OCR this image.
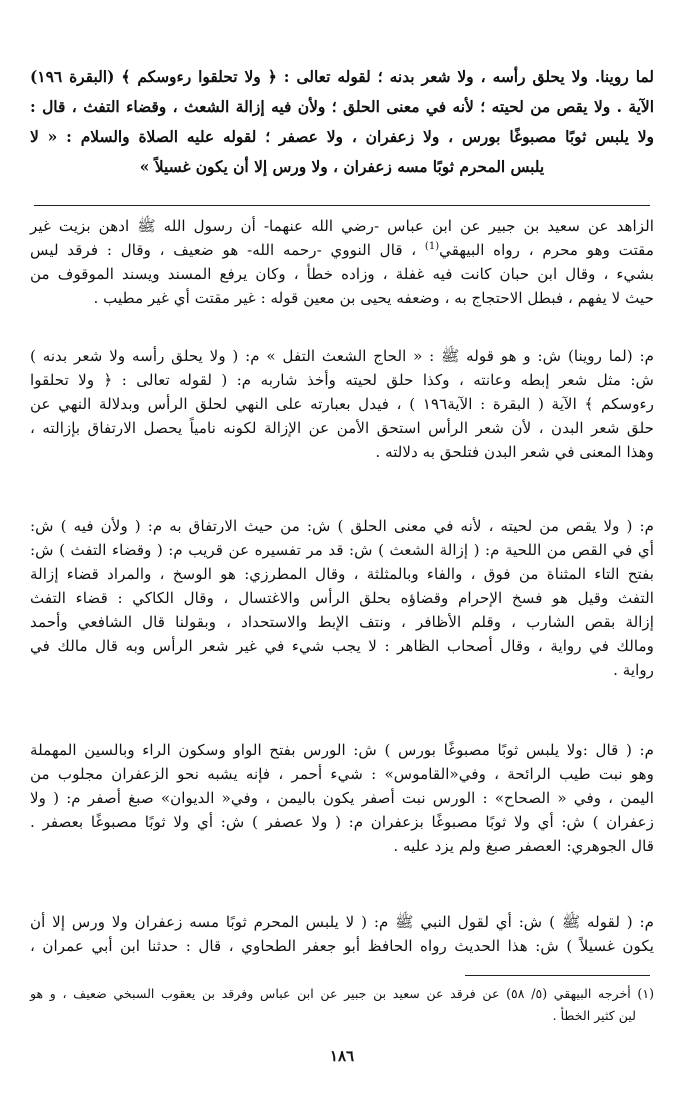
لما روينا. ولا يحلق رأسه ، ولا شعر بدنه ؛ لقوله تعالى : ﴿ ولا تحلقوا رءوسكم ﴾ (البقرة ١٩٦)
الآية . ولا يقص من لحيته ؛ لأنه في معنى الحلق ؛ ولأن فيه إزالة الشعث ، وقضاء التفث ، قال :
ولا يلبس ثوبًا مصبوغًا بورس ، ولا زعفران ، ولا عصفر ؛ لقوله عليه الصلاة والسلام : « لا
يلبس المحرم ثوبًا مسه زعفران ، ولا ورس إلا أن يكون غسيلاً »

الزاهد عن سعيد بن جبير عن ابن عباس -رضي الله عنهما- أن رسول الله ﷺ ادهن بزيت غير

مقتت وهو محرم ، رواه البيهقي$^{(1)}$ ، قال النووي -رحمه الله- هو ضعيف ، وقال : فرقد ليس

بشيء ، وقال ابن حبان كانت فيه غفلة ، وزاده خطأ ، وكان يرفع المسند ويسند الموقوف من

حيث لا يفهم ، فبطل الاحتجاج به ، وضعفه يحيى بن معين قوله : غير مقتت أي غير مطيب .

م: (لما روينا) ش: و هو قوله ﷺ : « الحاج الشعث التفل » م: ( ولا يحلق رأسه ولا شعر بدنه )

ش: مثل شعر إبطه وعانته ، وكذا حلق لحيته وأخذ شاربه م: ( لقوله تعالى : ﴿ ولا تحلقوا

رءوسكم ﴾ الآية ( البقرة : الآية١٩٦ ) ، فيدل بعبارته على النهي لحلق الرأس وبدلالة النهي عن

حلق شعر البدن ، لأن شعر الرأس استحق الأمن عن الإزالة لكونه نامياً يحصل الارتفاق بإزالته ،

وهذا المعنى في شعر البدن فتلحق به دلالته .

م: ( ولا يقص من لحيته ، لأنه في معنى الحلق ) ش: من حيث الارتفاق به م: ( ولأن فيه ) ش:

أي في القص من اللحية م: ( إزالة الشعث ) ش: قد مر تفسيره عن قريب م: ( وقضاء التفث ) ش:

بفتح التاء المثناة من فوق ، والفاء وبالمثلثة ، وقال المطرزي: هو الوسخ ، والمراد قضاء إزالة

التفث وقيل هو فسخ الإحرام وقضاؤه بحلق الرأس والاغتسال ، وقال الكاكي : قضاء التفث

إزالة بقص الشارب ، وقلم الأظافر ، ونتف الإبط والاستحداد ، وبقولنا قال الشافعي وأحمد

ومالك في رواية ، وقال أصحاب الظاهر : لا يجب شيء في غير شعر الرأس وبه قال مالك في

رواية .

م: ( قال :ولا يلبس ثوبًا مصبوغًا بورس ) ش: الورس بفتح الواو وسكون الراء وبالسين المهملة

وهو نبت طيب الرائحة ، وفي«القاموس» : شيء أحمر ، فإنه يشبه نحو الزعفران مجلوب من

اليمن ، وفي « الصحاح» : الورس نبت أصفر يكون باليمن ، وفي« الديوان» صبغ أصفر م: ( ولا

زعفران ) ش: أي ولا ثوبًا مصبوغًا بزعفران م: ( ولا عصفر ) ش: أي ولا ثوبًا مصبوغًا بعصفر .

قال الجوهري: العصفر صبغ ولم يزد عليه .

م: ( لقوله ﷺ ) ش: أي لقول النبي ﷺ م: ( لا يلبس المحرم ثوبًا مسه زعفران ولا ورس إلا أن

يكون غسيلاً ) ش: هذا الحديث رواه الحافظ أبو جعفر الطحاوي ، قال : حدثنا ابن أبي عمران ،

(١) أخرجه البيهقي (٥/ ٥٨) عن فرقد عن سعيد بن جبير عن ابن عباس وفرقد بن يعقوب السبخي ضعيف ، و هو

لين كثير الخطأ .

١٨٦
